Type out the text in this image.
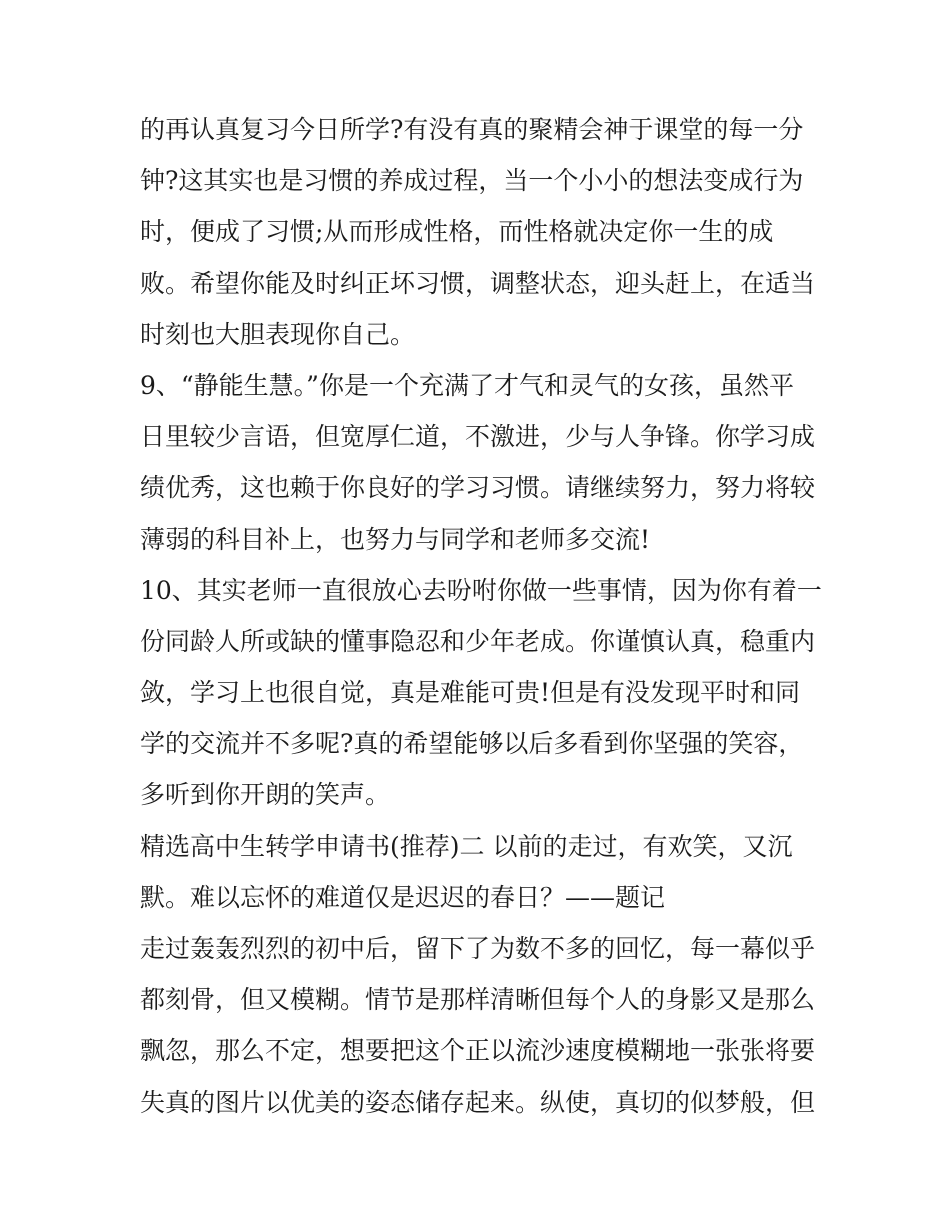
的再认真复习今日所学?有没有真的聚精会神于课堂的每一分
钟?这其实也是习惯的养成过程，当一个小小的想法变成行为
时，便成了习惯;从而形成性格，而性格就决定你一生的成
败。希望你能及时纠正坏习惯，调整状态，迎头赶上，在适当
时刻也大胆表现你自己。
9、“静能生慧。”你是一个充满了才气和灵气的女孩，虽然平
日里较少言语，但宽厚仁道，不激进，少与人争锋。你学习成
绩优秀，这也赖于你良好的学习习惯。请继续努力，努力将较
薄弱的科目补上，也努力与同学和老师多交流!
10、其实老师一直很放心去吩咐你做一些事情，因为你有着一
份同龄人所或缺的懂事隐忍和少年老成。你谨慎认真，稳重内
敛，学习上也很自觉，真是难能可贵!但是有没发现平时和同
学的交流并不多呢?真的希望能够以后多看到你坚强的笑容，
多听到你开朗的笑声。
精选高中生转学申请书(推荐)二 以前的走过，有欢笑，又沉
默。难以忘怀的难道仅是迟迟的春日？——题记
走过轰轰烈烈的初中后，留下了为数不多的回忆，每一幕似乎
都刻骨，但又模糊。情节是那样清晰但每个人的身影又是那么
飘忽，那么不定，想要把这个正以流沙速度模糊地一张张将要
失真的图片以优美的姿态储存起来。纵使，真切的似梦般，但
